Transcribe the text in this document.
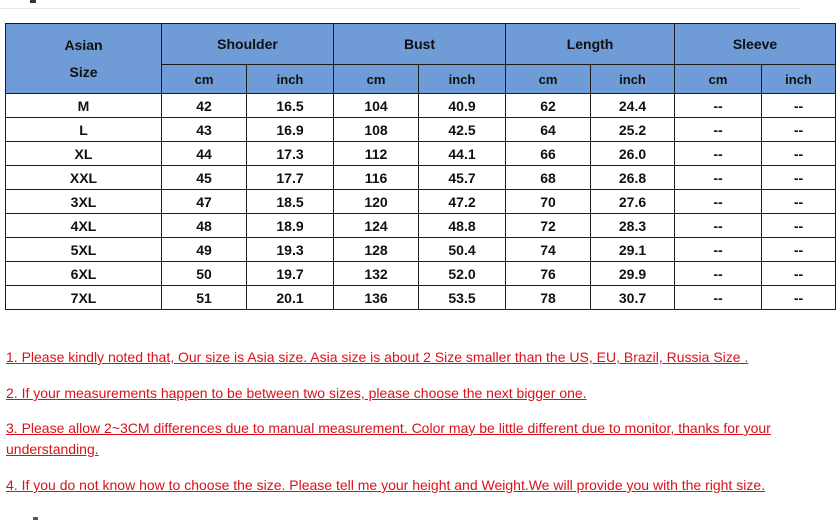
Asian
Size	Shoulder		Bust		Length		Sleeve	
	cm	inch	cm	inch	cm	inch	cm	inch
M	42	16.5	104	40.9	62	24.4	--	--
L	43	16.9	108	42.5	64	25.2	--	--
XL	44	17.3	112	44.1	66	26.0	--	--
XXL	45	17.7	116	45.7	68	26.8	--	--
3XL	47	18.5	120	47.2	70	27.6	--	--
4XL	48	18.9	124	48.8	72	28.3	--	--
5XL	49	19.3	128	50.4	74	29.1	--	--
6XL	50	19.7	132	52.0	76	29.9	--	--
7XL	51	20.1	136	53.5	78	30.7	--	--
1. Please kindly noted that, Our size is Asia size. Asia size is about 2 Size smaller than the US, EU, Brazil, Russia Size .
2. If your measurements happen to be between two sizes, please choose the next bigger one.
3. Please allow 2~3CM differences due to manual measurement. Color may be little different due to monitor, thanks for your understanding.
4. If you do not know how to choose the size. Please tell me your height and Weight.We will provide you with the right size.
